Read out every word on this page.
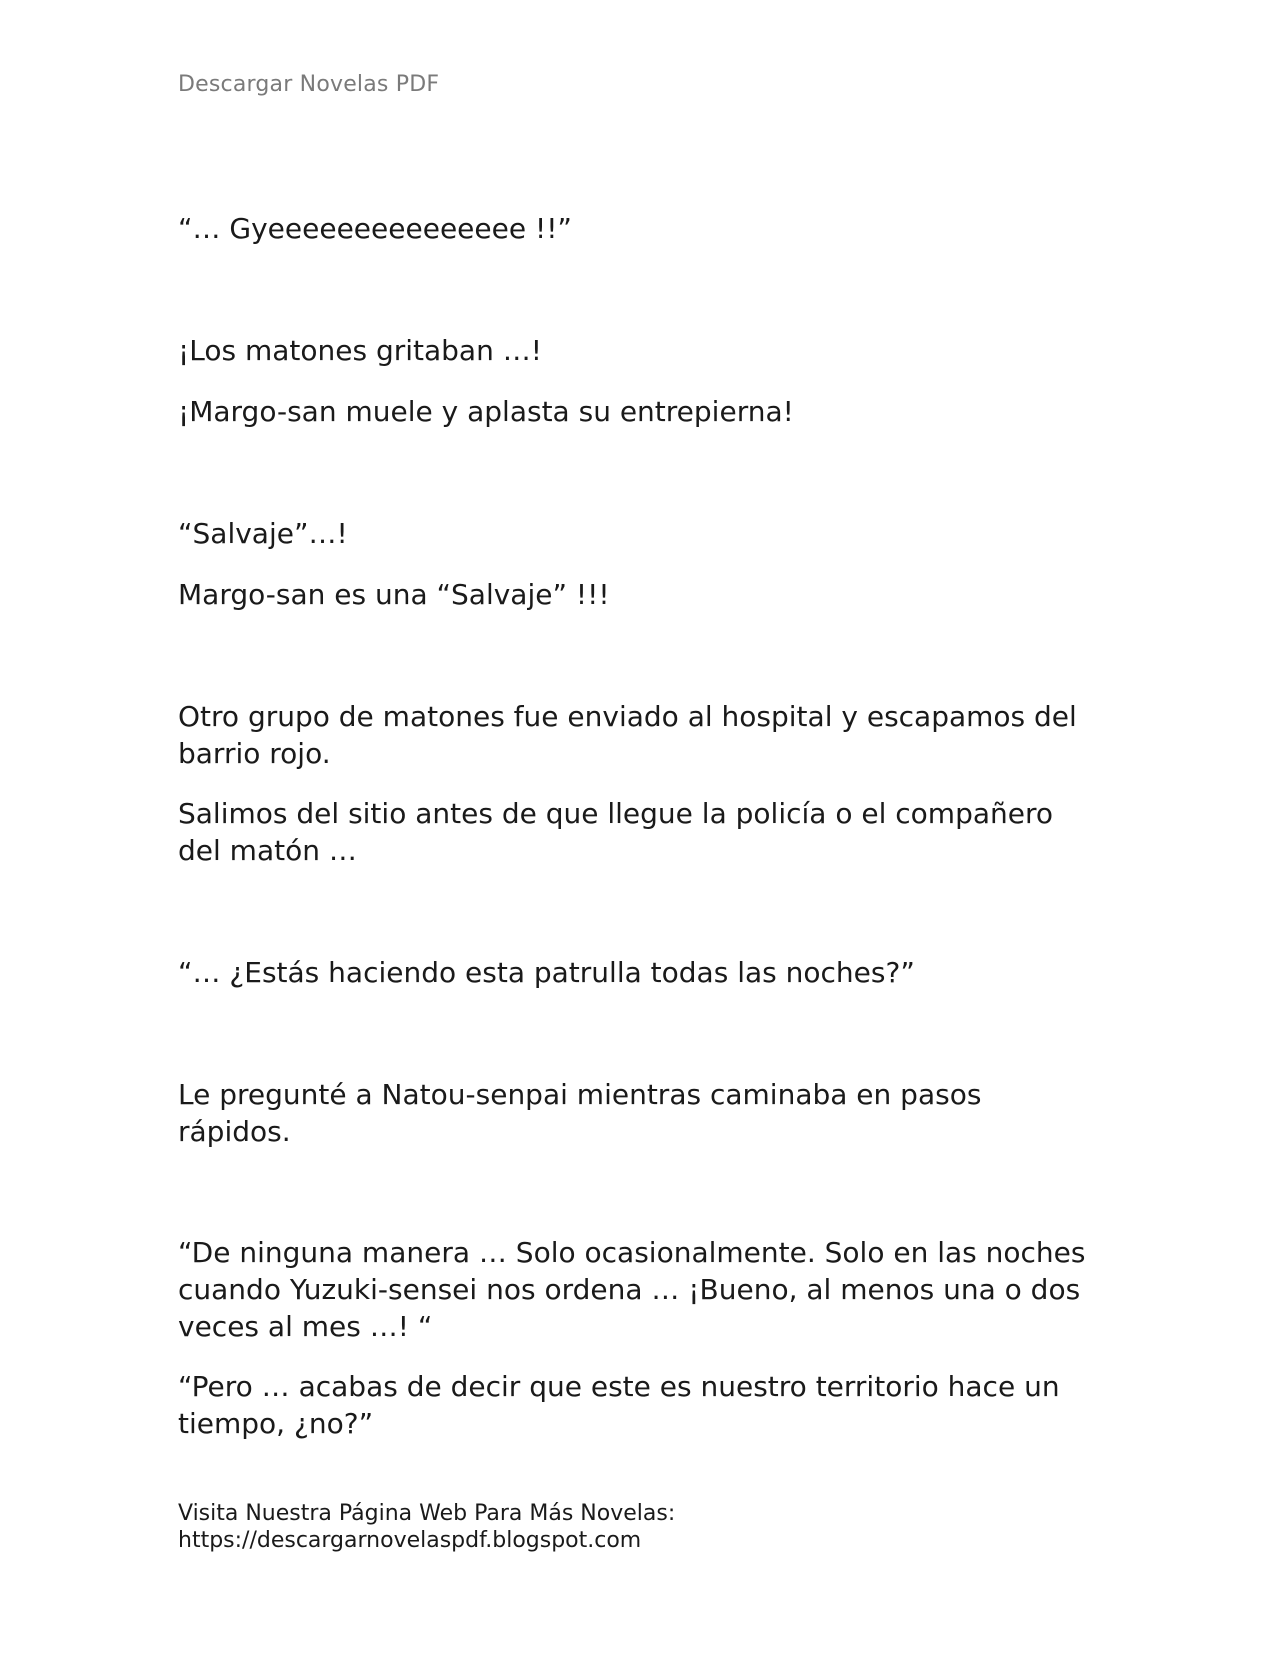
Descargar Novelas PDF

“… Gyeeeeeeeeeeeeeee !!”

¡Los matones gritaban …!

¡Margo-san muele y aplasta su entrepierna!

“Salvaje”…!

Margo-san es una “Salvaje” !!!

Otro grupo de matones fue enviado al hospital y escapamos del barrio rojo.

Salimos del sitio antes de que llegue la policía o el compañero del matón …

“… ¿Estás haciendo esta patrulla todas las noches?”

Le pregunté a Natou-senpai mientras caminaba en pasos rápidos.

“De ninguna manera … Solo ocasionalmente. Solo en las noches cuando Yuzuki-sensei nos ordena … ¡Bueno, al menos una o dos veces al mes …! “

“Pero … acabas de decir que este es nuestro territorio hace un tiempo, ¿no?”

Visita Nuestra Página Web Para Más Novelas:
https://descargarnovelaspdf.blogspot.com
